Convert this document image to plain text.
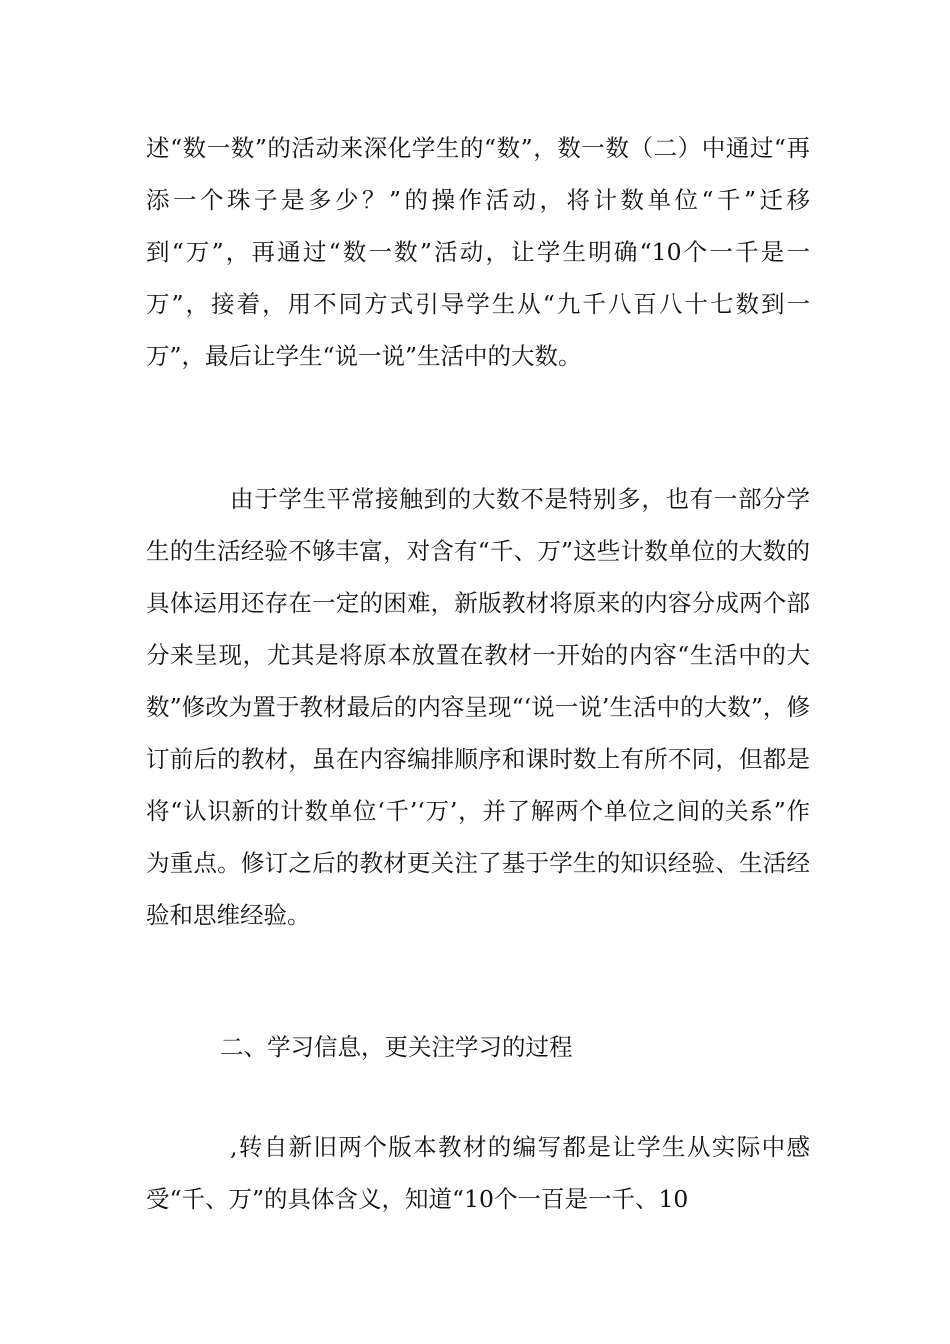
述“数一数”的活动来深化学生的“数”，数一数（二）中通过“再添一个珠子是多少？”的操作活动，将计数单位“千”迁移到“万”，再通过“数一数”活动，让学生明确“10个一千是一万”，接着，用不同方式引导学生从“九千八百八十七数到一万”，最后让学生“说一说”生活中的大数。

由于学生平常接触到的大数不是特别多，也有一部分学生的生活经验不够丰富，对含有“千、万”这些计数单位的大数的具体运用还存在一定的困难，新版教材将原来的内容分成两个部分来呈现，尤其是将原本放置在教材一开始的内容“生活中的大数”修改为置于教材最后的内容呈现“‘说一说’生活中的大数”，修订前后的教材，虽在内容编排顺序和课时数上有所不同，但都是将“认识新的计数单位‘千’‘万’，并了解两个单位之间的关系”作为重点。修订之后的教材更关注了基于学生的知识经验、生活经验和思维经验。

二、学习信息，更关注学习的过程

,转自新旧两个版本教材的编写都是让学生从实际中感受“千、万”的具体含义，知道“10个一百是一千、10
